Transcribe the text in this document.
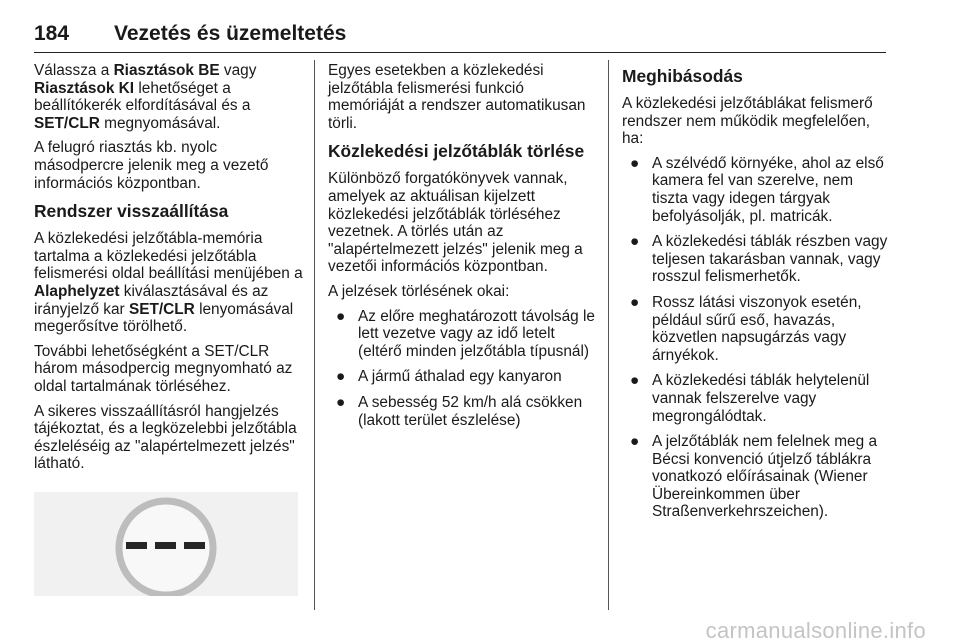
184 Vezetés és üzemeltetés

Válassza a Riasztások BE vagy Riasztások KI lehetőséget a beállítókerék elfordításával és a SET/CLR megnyomásával.

A felugró riasztás kb. nyolc másodpercre jelenik meg a vezető információs központban.

Rendszer visszaállítása

A közlekedési jelzőtábla-memória tartalma a közlekedési jelzőtábla felismerési oldal beállítási menüjében a Alaphelyzet kiválasztásával és az irányjelző kar SET/CLR lenyomásával megerősítve törölhető.

További lehetőségként a SET/CLR három másodpercig megnyomható az oldal tartalmának törléséhez.

A sikeres visszaállításról hangjelzés tájékoztat, és a legközelebbi jelzőtábla észleléséig az "alapértelmezett jelzés" látható.

Egyes esetekben a közlekedési jelzőtábla felismerési funkció memóriáját a rendszer automatikusan törli.

Közlekedési jelzőtáblák törlése

Különböző forgatókönyvek vannak, amelyek az aktuálisan kijelzett közlekedési jelzőtáblák törléséhez vezetnek. A törlés után az "alapértelmezett jelzés" jelenik meg a vezetői információs központban.

A jelzések törlésének okai:

● Az előre meghatározott távolság le lett vezetve vagy az idő letelt (eltérő minden jelzőtábla típusnál)
● A jármű áthalad egy kanyaron
● A sebesség 52 km/h alá csökken (lakott terület észlelése)
Meghibásodás

A közlekedési jelzőtáblákat felismerő rendszer nem működik megfelelően, ha:

● A szélvédő környéke, ahol az első kamera fel van szerelve, nem tiszta vagy idegen tárgyak befolyásolják, pl. matricák.
● A közlekedési táblák részben vagy teljesen takarásban vannak, vagy rosszul felismerhetők.
● Rossz látási viszonyok esetén, például sűrű eső, havazás, közvetlen napsugárzás vagy árnyékok.
● A közlekedési táblák helytelenül vannak felszerelve vagy megrongálódtak.
● A jelzőtáblák nem felelnek meg a Bécsi konvenció útjelző táblákra vonatkozó előírásainak (Wiener Übereinkommen über Straßenverkehrszeichen).
carmanualsonline.info
